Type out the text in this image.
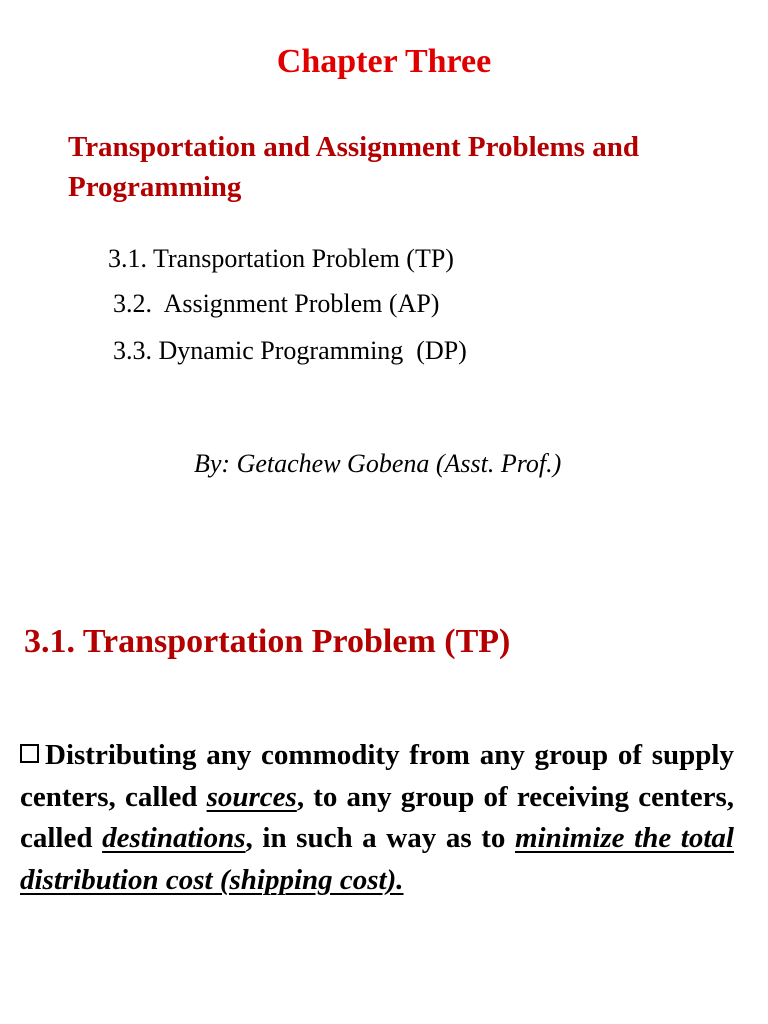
Chapter Three
Transportation and Assignment Problems and Programming
3.1. Transportation Problem (TP)
3.2.  Assignment Problem (AP)
3.3. Dynamic Programming  (DP)
By: Getachew Gobena (Asst. Prof.)
3.1. Transportation Problem (TP)

Distributing any commodity from any group of supply centers, called sources, to any group of receiving centers, called destinations, in such a way as to minimize the total distribution cost (shipping cost).
